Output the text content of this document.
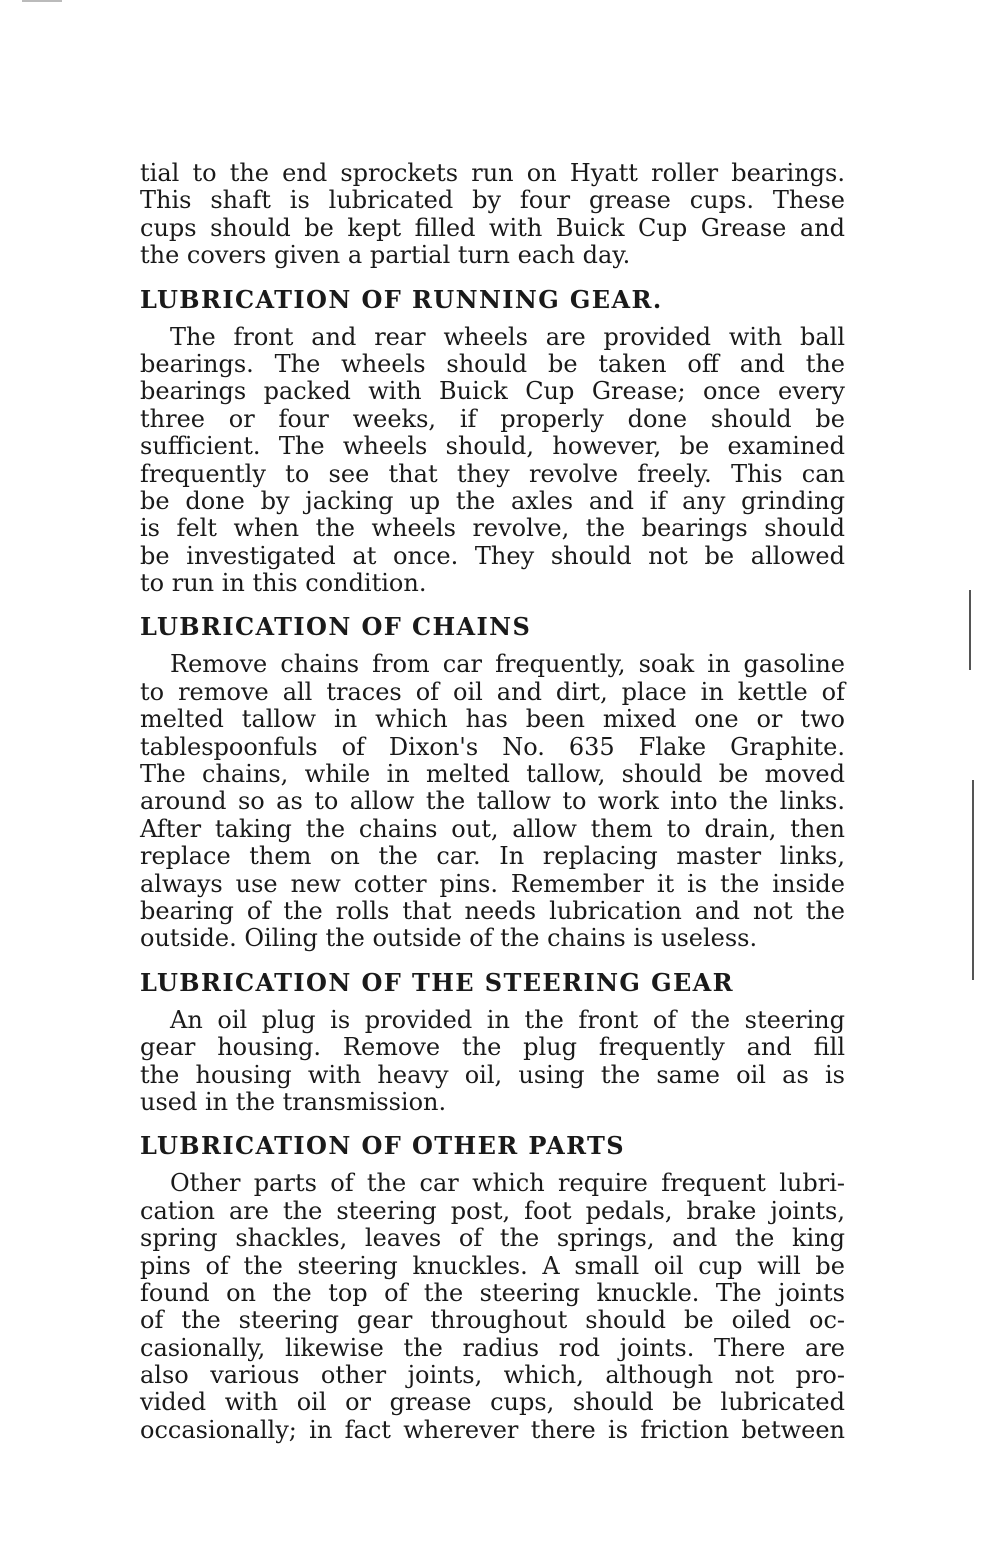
tial to the end sprockets run on Hyatt roller bearings.
This shaft is lubricated by four grease cups. These
cups should be kept filled with Buick Cup Grease and
the covers given a partial turn each day.
LUBRICATION OF RUNNING GEAR.
The front and rear wheels are provided with ball
bearings. The wheels should be taken off and the
bearings packed with Buick Cup Grease; once every
three or four weeks, if properly done should be
sufficient. The wheels should, however, be examined
frequently to see that they revolve freely. This can
be done by jacking up the axles and if any grinding
is felt when the wheels revolve, the bearings should
be investigated at once. They should not be allowed
to run in this condition.
LUBRICATION OF CHAINS
Remove chains from car frequently, soak in gasoline
to remove all traces of oil and dirt, place in kettle of
melted tallow in which has been mixed one or two
tablespoonfuls of Dixon's No. 635 Flake Graphite.
The chains, while in melted tallow, should be moved
around so as to allow the tallow to work into the links.
After taking the chains out, allow them to drain, then
replace them on the car. In replacing master links,
always use new cotter pins. Remember it is the inside
bearing of the rolls that needs lubrication and not the
outside. Oiling the outside of the chains is useless.
LUBRICATION OF THE STEERING GEAR
An oil plug is provided in the front of the steering
gear housing. Remove the plug frequently and fill
the housing with heavy oil, using the same oil as is
used in the transmission.
LUBRICATION OF OTHER PARTS
Other parts of the car which require frequent lubri-
cation are the steering post, foot pedals, brake joints,
spring shackles, leaves of the springs, and the king
pins of the steering knuckles. A small oil cup will be
found on the top of the steering knuckle. The joints
of the steering gear throughout should be oiled oc-
casionally, likewise the radius rod joints. There are
also various other joints, which, although not pro-
vided with oil or grease cups, should be lubricated
occasionally; in fact wherever there is friction between
